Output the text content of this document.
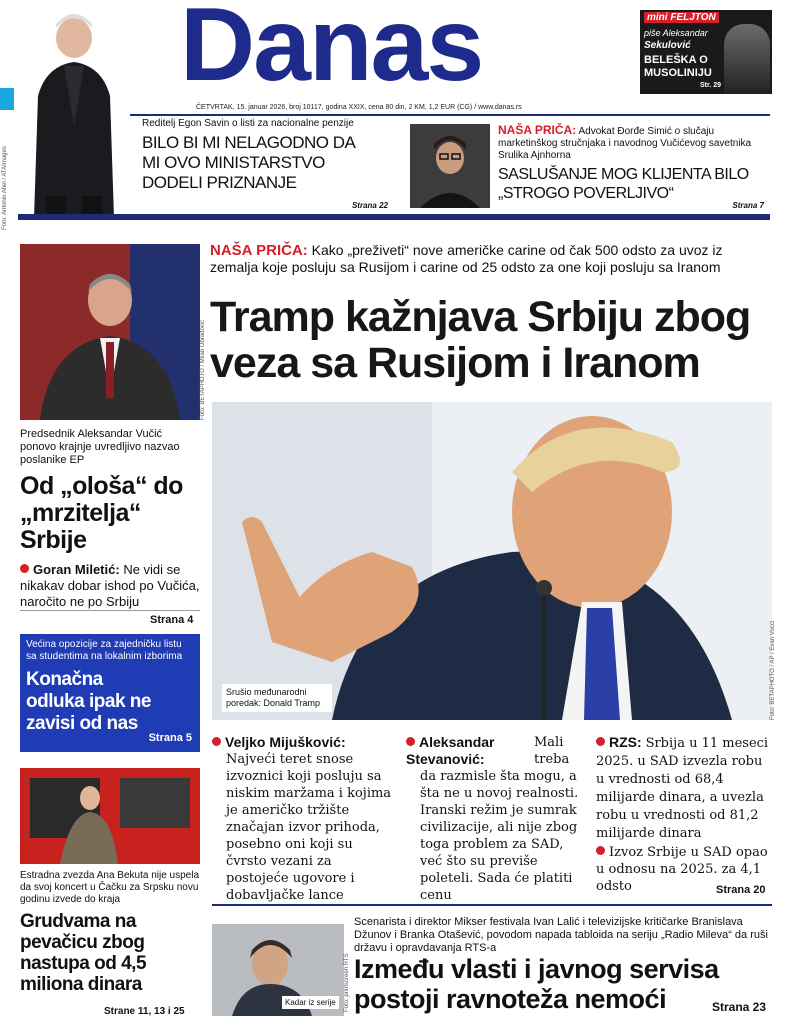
Foto: Antonio Ahel / ATAImages
Danas	mini FELJTON
piše Aleksandar
Sekulović
BELEŠKA O MUSOLINIJU
Str. 29
ČETVRTAK, 15. januar 2026, broj 10117, godina XXIX, cena 80 din, 2 KM, 1,2 EUR (CG) / www.danas.rs
Reditelj Egon Savin o listi za nacionalne penzije
BILO BI MI NELAGODNO DA MI OVO MINISTARSTVO DODELI PRIZNANJE
Strana 22
NAŠA PRIČA: Advokat Đorđe Simić o slučaju marketinškog stručnjaka i navodnog Vučićevog savetnika Srulika Ajnhorna
SASLUŠANJE MOG KLIJENTA BILO „STROGO POVERLJIVO“
Strana 7
NAŠA PRIČA: Kako „preživeti“ nove američke carine od čak 500 odsto za uvoz iz zemalja koje posluju sa Rusijom i carine od 25 odsto za one koji posluju sa Iranom
Tramp kažnjava Srbiju zbog veza sa Rusijom i Iranom
Srušio međunarodni poredak: Donald Tramp	Foto: BETAPHOTO / AP / Evan Vucci
Foto: BETAPHOTO / Milan Obradović
Predsednik Aleksandar Vučić ponovo krajnje uvredljivo nazvao poslanike EP
Od „ološa“ do „mrzitelja“ Srbije
Goran Miletić: Ne vidi se nikakav dobar ishod po Vučića, naročito ne po Srbiju
Strana 4
Većina opozicije za zajedničku listu sa studentima na lokalnim izborima
Konačna odluka ipak ne zavisi od nas
Strana 5
Estradna zvezda Ana Bekuta nije uspela da svoj koncert u Čačku za Srpsku novu godinu izvede do kraja
Grudvama na pevačicu zbog nastupa od 4,5 miliona dinara
Strane 11, 13 i 25
Veljko Mijušković:
Najveći teret snose izvoznici koji posluju sa niskim maržama i kojima je američko tržište značajan izvor prihoda, posebno oni koji su čvrsto vezani za postojeće ugovore i dobavljačke lance
Aleksandar Stevanović:
Mali treba da razmisle šta mogu, a šta ne u novoj realnosti. Iranski režim je sumrak civilizacije, ali nije zbog toga problem za SAD, već što su previše poleteli. Sada će platiti cenu
RZS: Srbija u 11 meseci 2025. u SAD izvezla robu u vrednosti od 68,4 milijarde dinara, a uvezla robu u vrednosti od 81,2 milijarde dinara
Izvoz Srbije u SAD opao u odnosu na 2025. za 4,1 odsto	Strana 20
Kadar iz serije	Foto: printscreen RTS
Scenarista i direktor Mikser festivala Ivan Lalić i televizijske kritičarke Branislava Džunov i Branka Otašević, povodom napada tabloida na seriju „Radio Mileva“ da ruši državu i opravdavanja RTS-a
Između vlasti i javnog servisa postoji ravnoteža nemoći	Strana 23
